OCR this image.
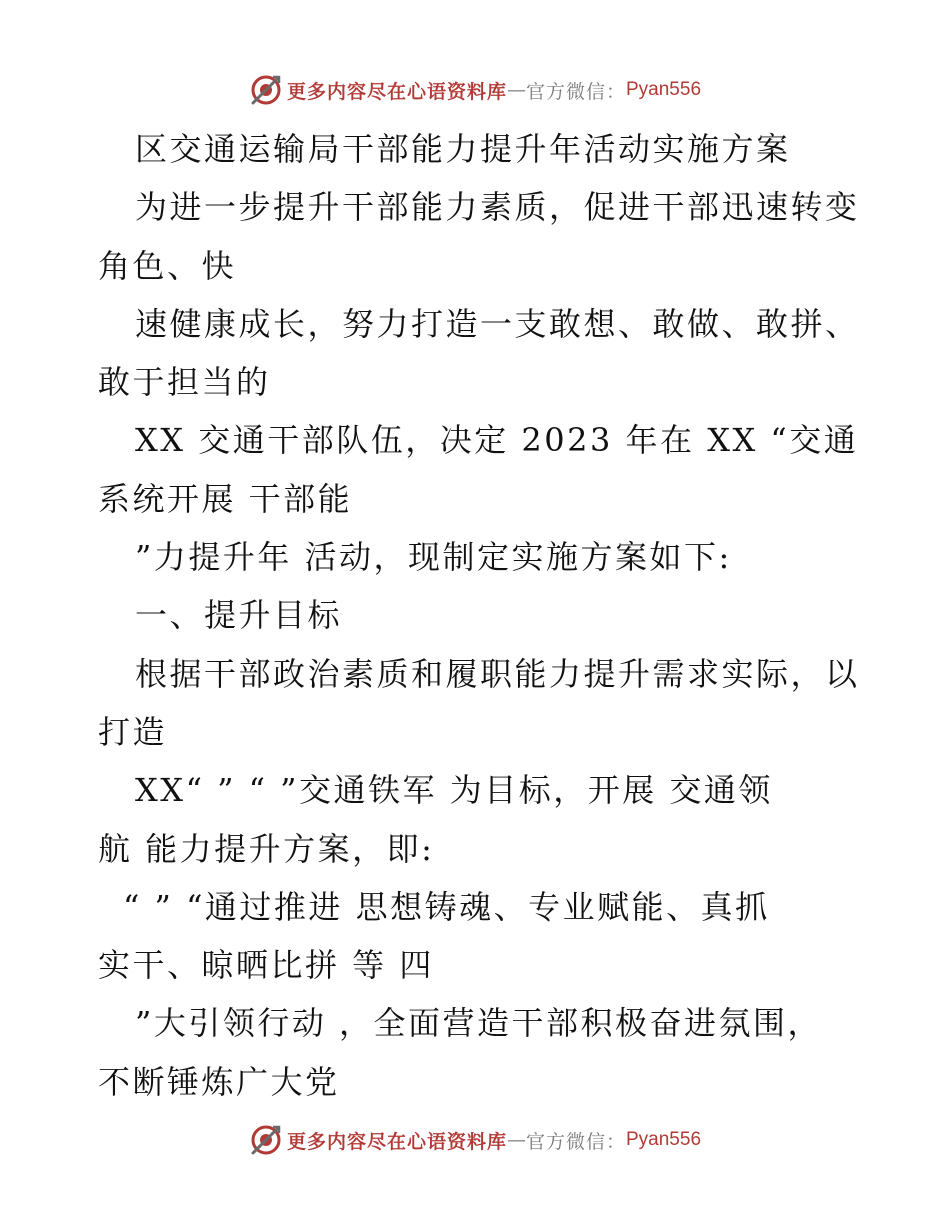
更多内容尽在心语资料库 — 官方微信： Pyan556
区交通运输局干部能力提升年活动实施方案
为进一步提升干部能力素质，促进干部迅速转变
角色、快
速健康成长，努力打造一支敢想、敢做、敢拼、
敢于担当的
XX 交通干部队伍，决定 2023 年在 XX “交通
系统开展 干部能
”力提升年 活动，现制定实施方案如下:
一、提升目标
根据干部政治素质和履职能力提升需求实际，以
打造
XX“ ” “ ”交通铁军 为目标，开展 交通领
航 能力提升方案，即:
“ ” “通过推进 思想铸魂、专业赋能、真抓
实干、晾晒比拼 等 四
”大引领行动 ，全面营造干部积极奋进氛围，
不断锤炼广大党
更多内容尽在心语资料库 — 官方微信： Pyan556
